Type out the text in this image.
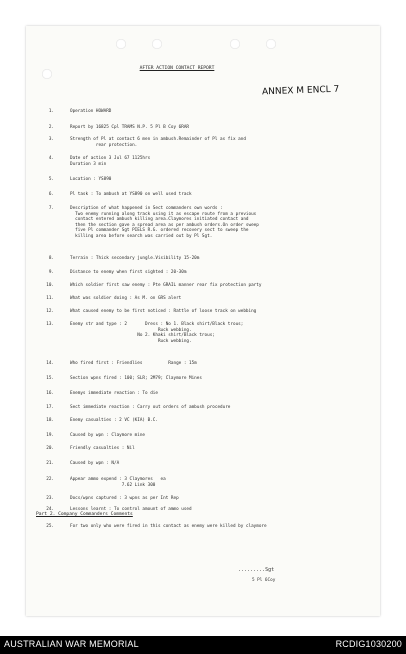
AFTER ACTION CONTACT REPORT
ANNEX M ENCL 7
1.	Operation HOWARD
2.	Report by 16825 Cpl TRAMS N.P. 5 Pl B Coy 6RAR
3.	Strength of Pl at contact 6 men in ambush.Remainder of Pl as fix and
rear protection.
4.	Date of action 3 Jul 67 1125hrs
Duration 3 min
5.	Location : YS890
6.	Pl task : To ambush at YS890 on well used track
7.	Description of what happened in Sect commanders own words :
Two enemy running along track using it as escape route from a previous
contact entered ambush killing area.Claymores initiated contact and
then the section gave a spread area as per ambush orders.On order sweep
five Pl commander Sgt PIELS R.G. ordered recovery sect to sweep the
killing area before search was carried out by Pl Sgt.
8.	Terrain : Thick secondary jungle.Visibility 15-20m
9.	Distance to enemy when first sighted : 20-30m
10.	Which soldier first saw enemy : Pte GRAIL manner rear fix protection party
11.	What was soldier doing : As M. on GRS alert
12.	What caused enemy to be first noticed : Rattle of loose track on webbing
13.	Enemy str and type : 2       Dress : No 1. Black shirt/Black trous;
Ruck webbing.
No 2. Khaki shirt/Black trous;
Ruck webbing.
14.	Who fired first : Friendlies          Range : 15m
15.	Section wpns fired : 100; SLR; 2M79; Claymore Mines
16.	Enemys immediate reaction : To die
17.	Sect immediate reaction : Carry out orders of ambush procedure
18.	Enemy casualties : 2 VC (KIA) B.C.
19.	Caused by wpn : Claymore mine
20.	Friendly casualties : Nil
21.	Caused by wpn : N/A
22.	Appear ammo expend : 3 Claymores   ea
7.62 Link 300
23.	Docs/wpns captured : 3 wpns as per Int Rep
24.	Lessons learnt : To control amount of ammo used
Part 2. Company Commanders Comments
25.	For two only who were fired in this contact as enemy were killed by claymore
.........Sgt
5 Pl 6Coy
AUSTRALIAN WAR MEMORIAL	RCDIG1030200
